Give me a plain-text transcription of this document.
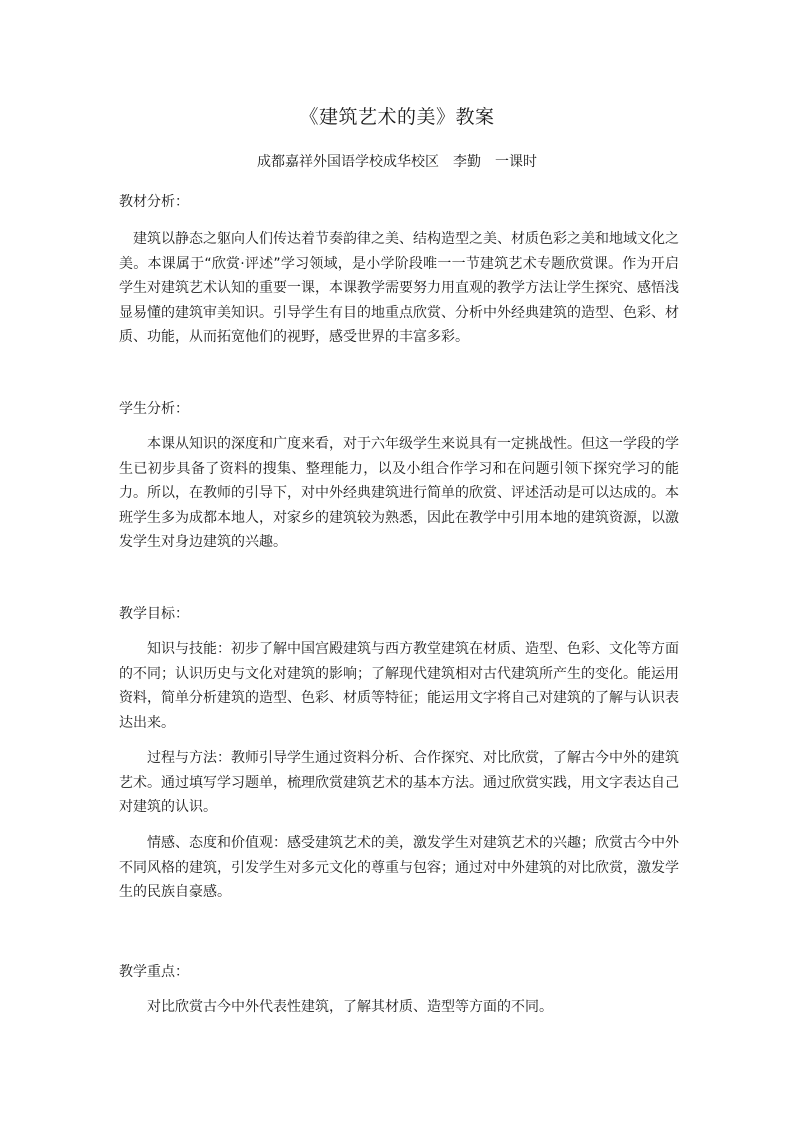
《建筑艺术的美》教案
成都嘉祥外国语学校成华校区　李勤　一课时
教材分析：
建筑以静态之躯向人们传达着节奏韵律之美、结构造型之美、材质色彩之美和地域文化之美。本课属于“欣赏·评述”学习领域，是小学阶段唯一一节建筑艺术专题欣赏课。作为开启学生对建筑艺术认知的重要一课，本课教学需要努力用直观的教学方法让学生探究、感悟浅显易懂的建筑审美知识。引导学生有目的地重点欣赏、分析中外经典建筑的造型、色彩、材质、功能，从而拓宽他们的视野，感受世界的丰富多彩。
学生分析：
本课从知识的深度和广度来看，对于六年级学生来说具有一定挑战性。但这一学段的学生已初步具备了资料的搜集、整理能力，以及小组合作学习和在问题引领下探究学习的能力。所以，在教师的引导下，对中外经典建筑进行简单的欣赏、评述活动是可以达成的。本班学生多为成都本地人，对家乡的建筑较为熟悉，因此在教学中引用本地的建筑资源，以激发学生对身边建筑的兴趣。
教学目标：
知识与技能：初步了解中国宫殿建筑与西方教堂建筑在材质、造型、色彩、文化等方面的不同；认识历史与文化对建筑的影响；了解现代建筑相对古代建筑所产生的变化。能运用资料，简单分析建筑的造型、色彩、材质等特征；能运用文字将自己对建筑的了解与认识表达出来。
过程与方法：教师引导学生通过资料分析、合作探究、对比欣赏，了解古今中外的建筑艺术。通过填写学习题单，梳理欣赏建筑艺术的基本方法。通过欣赏实践，用文字表达自己对建筑的认识。
情感、态度和价值观：感受建筑艺术的美，激发学生对建筑艺术的兴趣；欣赏古今中外不同风格的建筑，引发学生对多元文化的尊重与包容；通过对中外建筑的对比欣赏，激发学生的民族自豪感。
教学重点：
对比欣赏古今中外代表性建筑，了解其材质、造型等方面的不同。
